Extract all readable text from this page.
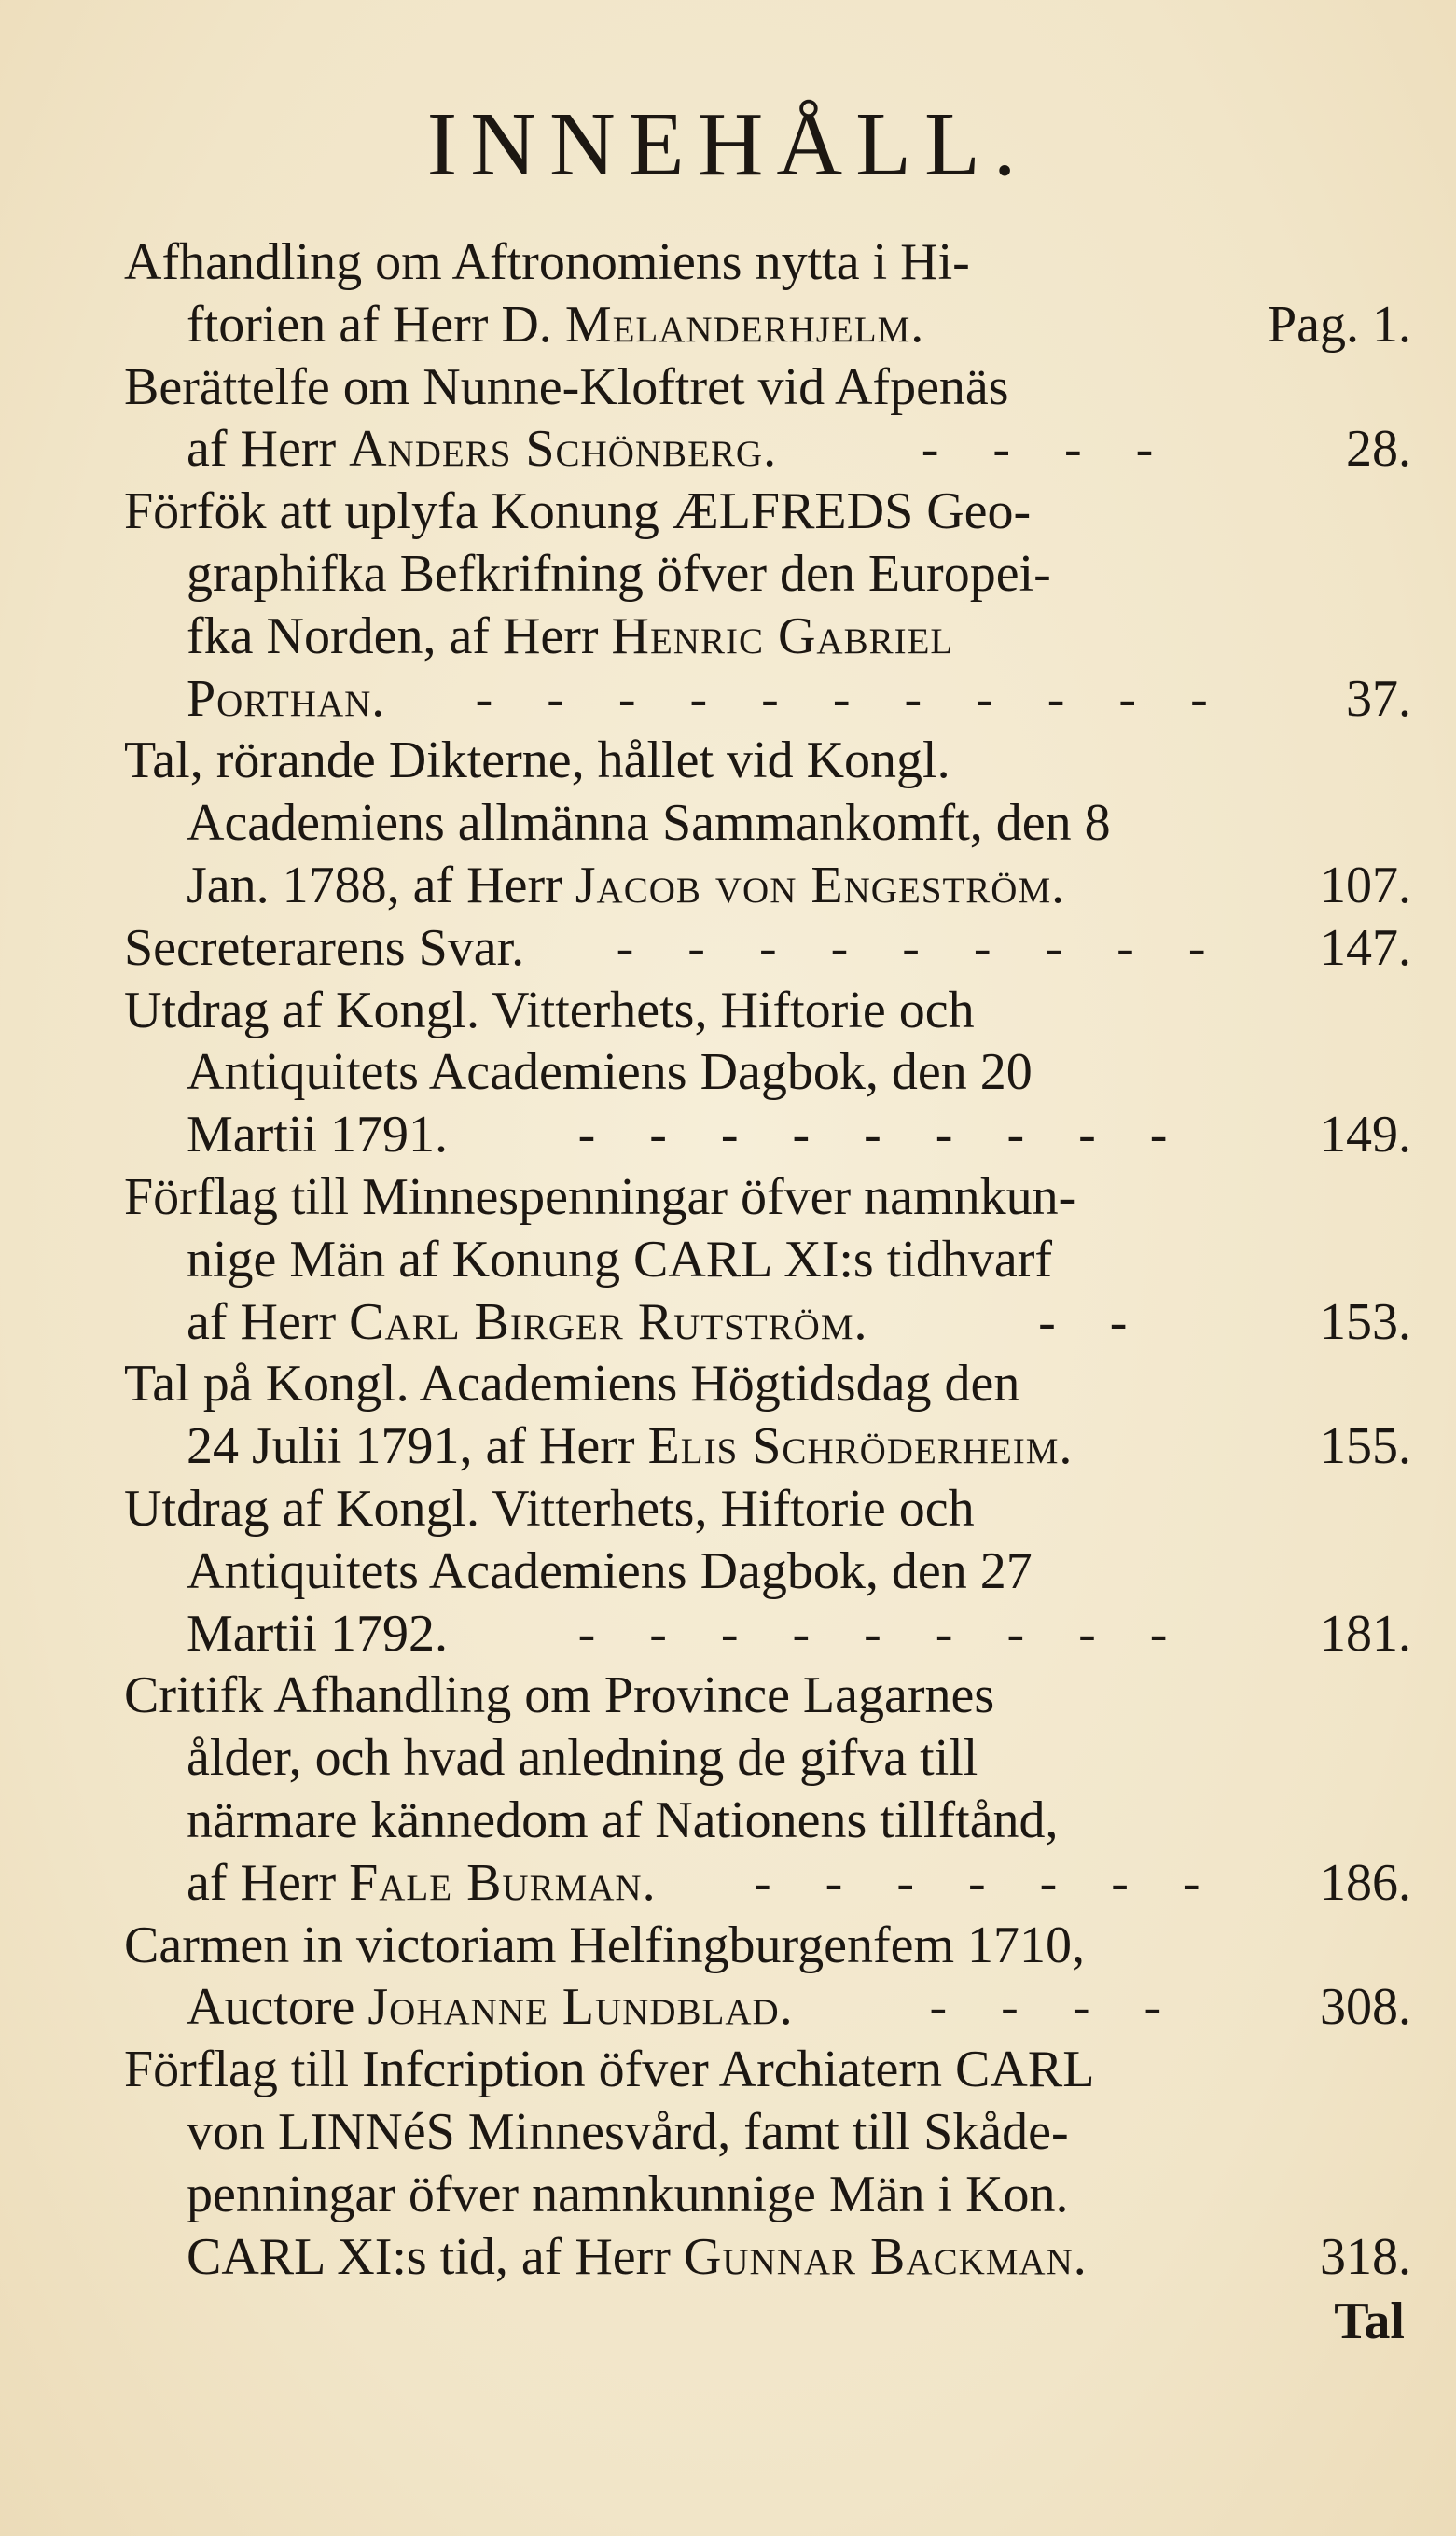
INNEHÅLL.
Afhandling om Aftronomiens nytta i Hi-
ftorien af Herr D. Melanderhjelm.	Pag. 1.
Berättelfe om Nunne-Kloftret vid Afpenäs
af Herr Anders Schönberg.	- - - -	28.
Förfök att uplyfa Konung ÆLFREDS Geo-
graphifka Befkrifning öfver den Europei-
fka Norden, af Herr Henric Gabriel
Porthan.	- - - - - - - - - - -	37.
Tal, rörande Dikterne, hållet vid Kongl.
Academiens allmänna Sammankomft, den 8
Jan. 1788, af Herr Jacob von Engeström.	107.
Secreterarens Svar.	- - - - - - - - -	147.
Utdrag af Kongl. Vitterhets, Hiftorie och
Antiquitets Academiens Dagbok, den 20
Martii 1791.	- - - - - - - - -	149.
Förflag till Minnespenningar öfver namnkun-
nige Män af Konung CARL XI:s tidhvarf
af Herr Carl Birger Rutström.	- -	153.
Tal på Kongl. Academiens Högtidsdag den
24 Julii 1791, af Herr Elis Schröderheim.	155.
Utdrag af Kongl. Vitterhets, Hiftorie och
Antiquitets Academiens Dagbok, den 27
Martii 1792.	- - - - - - - - -	181.
Critifk Afhandling om Province Lagarnes
ålder, och hvad anledning de gifva till
närmare kännedom af Nationens tillftånd,
af Herr Fale Burman.	- - - - - - -	186.
Carmen in victoriam Helfingburgenfem 1710,
Auctore Johanne Lundblad.	- - - -	308.
Förflag till Infcription öfver Archiatern CARL
von LINNéS Minnesvård, famt till Skåde-
penningar öfver namnkunnige Män i Kon.
CARL XI:s tid, af Herr Gunnar Backman.	318.
Tal
